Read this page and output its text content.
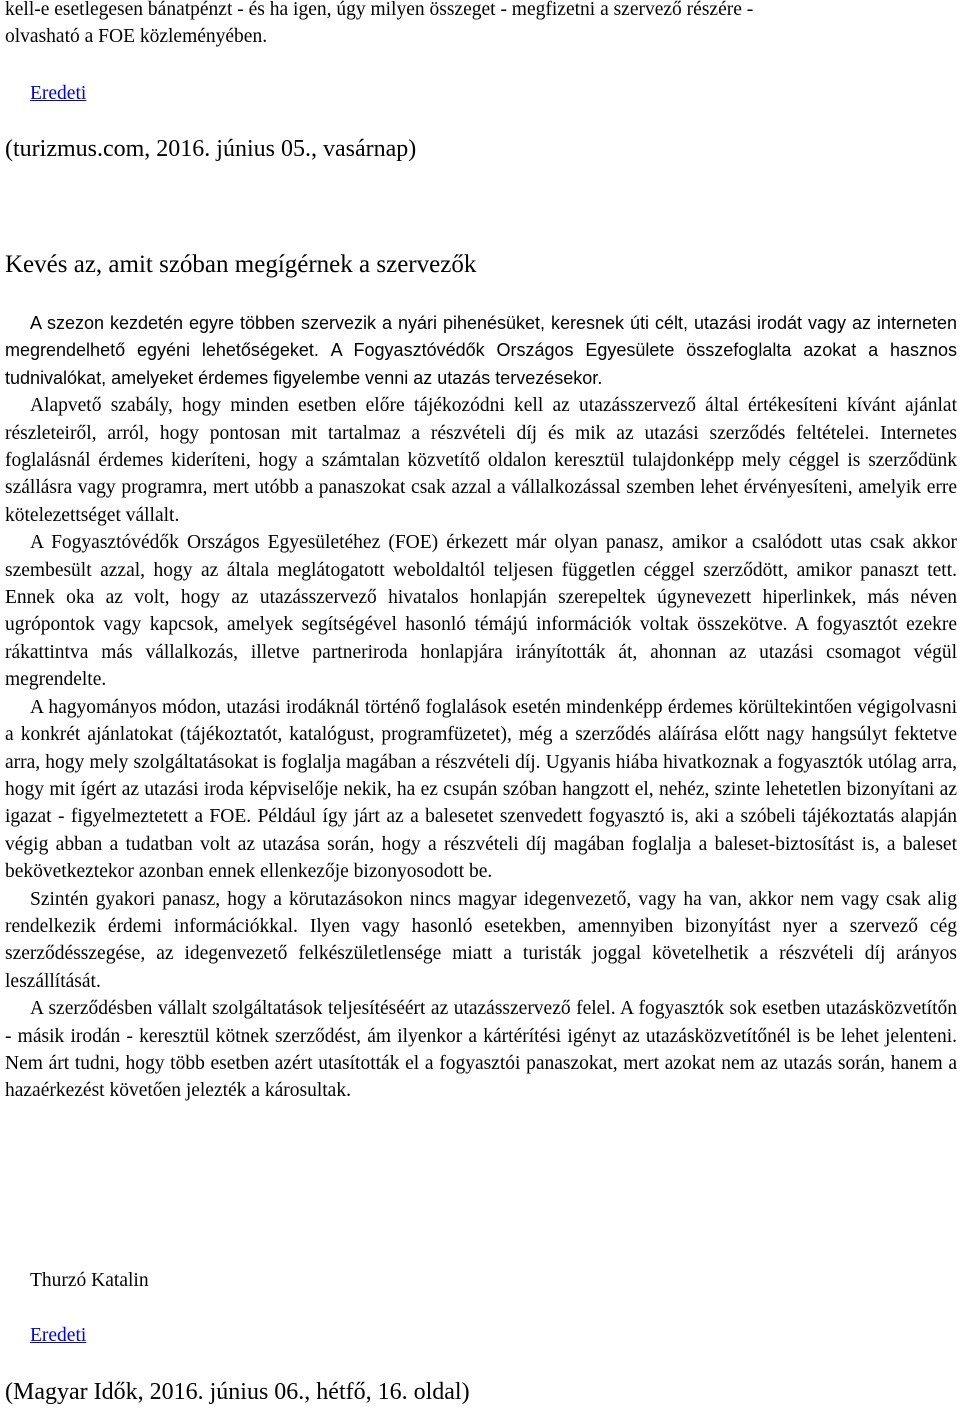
kell-e esetlegesen bánatpénzt - és ha igen, úgy milyen összeget - megfizetni a szervező részére -

olvasható a FOE közleményében.

Eredeti
(turizmus.com, 2016. június 05., vasárnap)
Kevés az, amit szóban megígérnek a szervezők

A szezon kezdetén egyre többen szervezik a nyári pihenésüket, keresnek úti célt, utazási irodát vagy az interneten megrendelhető egyéni lehetőségeket. A Fogyasztóvédők Országos Egyesülete összefoglalta azokat a hasznos tudnivalókat, amelyeket érdemes figyelembe venni az utazás tervezésekor.

Alapvető szabály, hogy minden esetben előre tájékozódni kell az utazásszervező által értékesíteni kívánt ajánlat részleteiről, arról, hogy pontosan mit tartalmaz a részvételi díj és mik az utazási szerződés feltételei. Internetes foglalásnál érdemes kideríteni, hogy a számtalan közvetítő oldalon keresztül tulajdonképp mely céggel is szerződünk szállásra vagy programra, mert utóbb a panaszokat csak azzal a vállalkozással szemben lehet érvényesíteni, amelyik erre kötelezettséget vállalt.

A Fogyasztóvédők Országos Egyesületéhez (FOE) érkezett már olyan panasz, amikor a csalódott utas csak akkor szembesült azzal, hogy az általa meglátogatott weboldaltól teljesen független céggel szerződött, amikor panaszt tett. Ennek oka az volt, hogy az utazásszervező hivatalos honlapján szerepeltek úgynevezett hiperlinkek, más néven ugrópontok vagy kapcsok, amelyek segítségével hasonló témájú információk voltak összekötve. A fogyasztót ezekre rákattintva más vállalkozás, illetve partneriroda honlapjára irányították át, ahonnan az utazási csomagot végül megrendelte.

A hagyományos módon, utazási irodáknál történő foglalások esetén mindenképp érdemes körültekintően végigolvasni a konkrét ajánlatokat (tájékoztatót, katalógust, programfüzetet), még a szerződés aláírása előtt nagy hangsúlyt fektetve arra, hogy mely szolgáltatásokat is foglalja magában a részvételi díj. Ugyanis hiába hivatkoznak a fogyasztók utólag arra, hogy mit ígért az utazási iroda képviselője nekik, ha ez csupán szóban hangzott el, nehéz, szinte lehetetlen bizonyítani az igazat - figyelmeztetett a FOE. Például így járt az a balesetet szenvedett fogyasztó is, aki a szóbeli tájékoztatás alapján végig abban a tudatban volt az utazása során, hogy a részvételi díj magában foglalja a baleset-biztosítást is, a baleset bekövetkeztekor azonban ennek ellenkezője bizonyosodott be.

Szintén gyakori panasz, hogy a körutazásokon nincs magyar idegenvezető, vagy ha van, akkor nem vagy csak alig rendelkezik érdemi információkkal. Ilyen vagy hasonló esetekben, amennyiben bizonyítást nyer a szervező cég szerződésszegése, az idegenvezető felkészületlensége miatt a turisták joggal követelhetik a részvételi díj arányos leszállítását.

A szerződésben vállalt szolgáltatások teljesítéséért az utazásszervező felel. A fogyasztók sok esetben utazásközvetítőn - másik irodán - keresztül kötnek szerződést, ám ilyenkor a kártérítési igényt az utazásközvetítőnél is be lehet jelenteni. Nem árt tudni, hogy több esetben azért utasították el a fogyasztói panaszokat, mert azokat nem az utazás során, hanem a hazaérkezést követően jelezték a károsultak.

Thurzó Katalin
Eredeti
(Magyar Idők, 2016. június 06., hétfő, 16. oldal)
